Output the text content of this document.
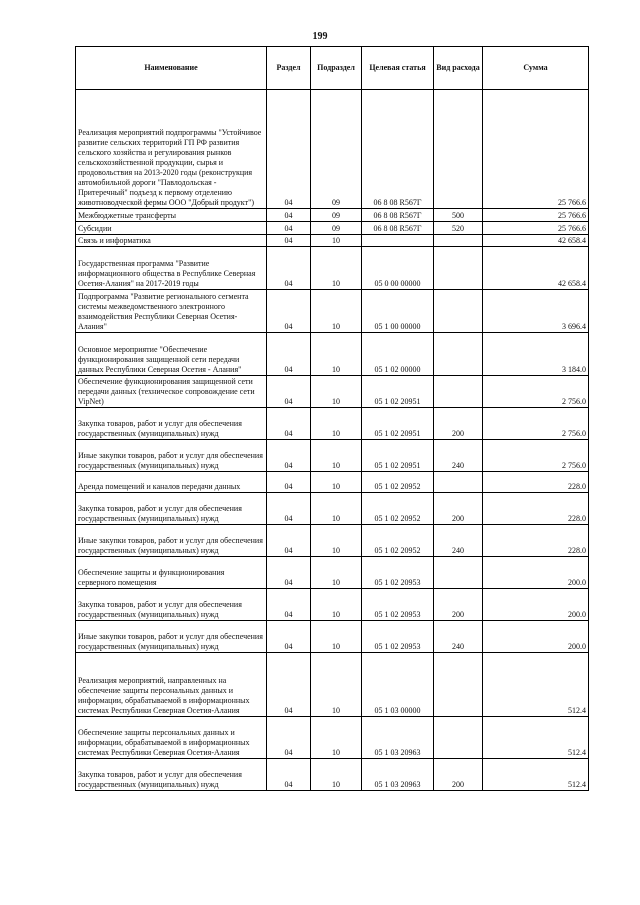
199
Наименование	Раздел	Подраздел	Целевая статья	Вид расхода	Сумма
Реализация мероприятий подпрограммы "Устойчивое развитие сельских территорий ГП РФ развития сельского хозяйства и регулирования рынков сельскохозяйственной продукции, сырья и продовольствия на 2013-2020 годы (реконструкция автомобильной дороги "Павлодольская - Притеречный" подъезд к первому отделению животноводческой фермы ООО "Добрый продукт")	04	09	06 8 08 R567Г		25 766.6
Межбюджетные трансферты	04	09	06 8 08 R567Г	500	25 766.6
Субсидии	04	09	06 8 08 R567Г	520	25 766.6
Связь и информатика	04	10			42 658.4
Государственная программа "Развитие информационного общества в Республике Северная Осетия-Алания" на 2017-2019 годы	04	10	05 0 00 00000		42 658.4
Подпрограмма "Развитие регионального сегмента системы межведомственного электронного взаимодействия Республики Северная Осетия-Алания"	04	10	05 1 00 00000		3 696.4
Основное мероприятие "Обеспечение функционирования защищенной сети передачи данных Республики Северная Осетия - Алания"	04	10	05 1 02 00000		3 184.0
Обеспечение функционирования защищенной сети передачи данных (техническое сопровождение сети VipNet)	04	10	05 1 02 20951		2 756.0
Закупка товаров, работ и услуг для обеспечения государственных (муниципальных) нужд	04	10	05 1 02 20951	200	2 756.0
Иные закупки товаров, работ и услуг для обеспечения государственных (муниципальных) нужд	04	10	05 1 02 20951	240	2 756.0
Аренда помещений и каналов передачи данных	04	10	05 1 02 20952		228.0
Закупка товаров, работ и услуг для обеспечения государственных (муниципальных) нужд	04	10	05 1 02 20952	200	228.0
Иные закупки товаров, работ и услуг для обеспечения государственных (муниципальных) нужд	04	10	05 1 02 20952	240	228.0
Обеспечение защиты и функционирования серверного помещения	04	10	05 1 02 20953		200.0
Закупка товаров, работ и услуг для обеспечения государственных (муниципальных) нужд	04	10	05 1 02 20953	200	200.0
Иные закупки товаров, работ и услуг для обеспечения государственных (муниципальных) нужд	04	10	05 1 02 20953	240	200.0
Реализация мероприятий, направленных на обеспечение защиты персональных данных и информации, обрабатываемой в информационных системах Республики Северная Осетия-Алания	04	10	05 1 03 00000		512.4
Обеспечение защиты персональных данных и информации, обрабатываемой в информационных системах Республики Северная Осетия-Алания	04	10	05 1 03 20963		512.4
Закупка товаров, работ и услуг для обеспечения государственных (муниципальных) нужд	04	10	05 1 03 20963	200	512.4
